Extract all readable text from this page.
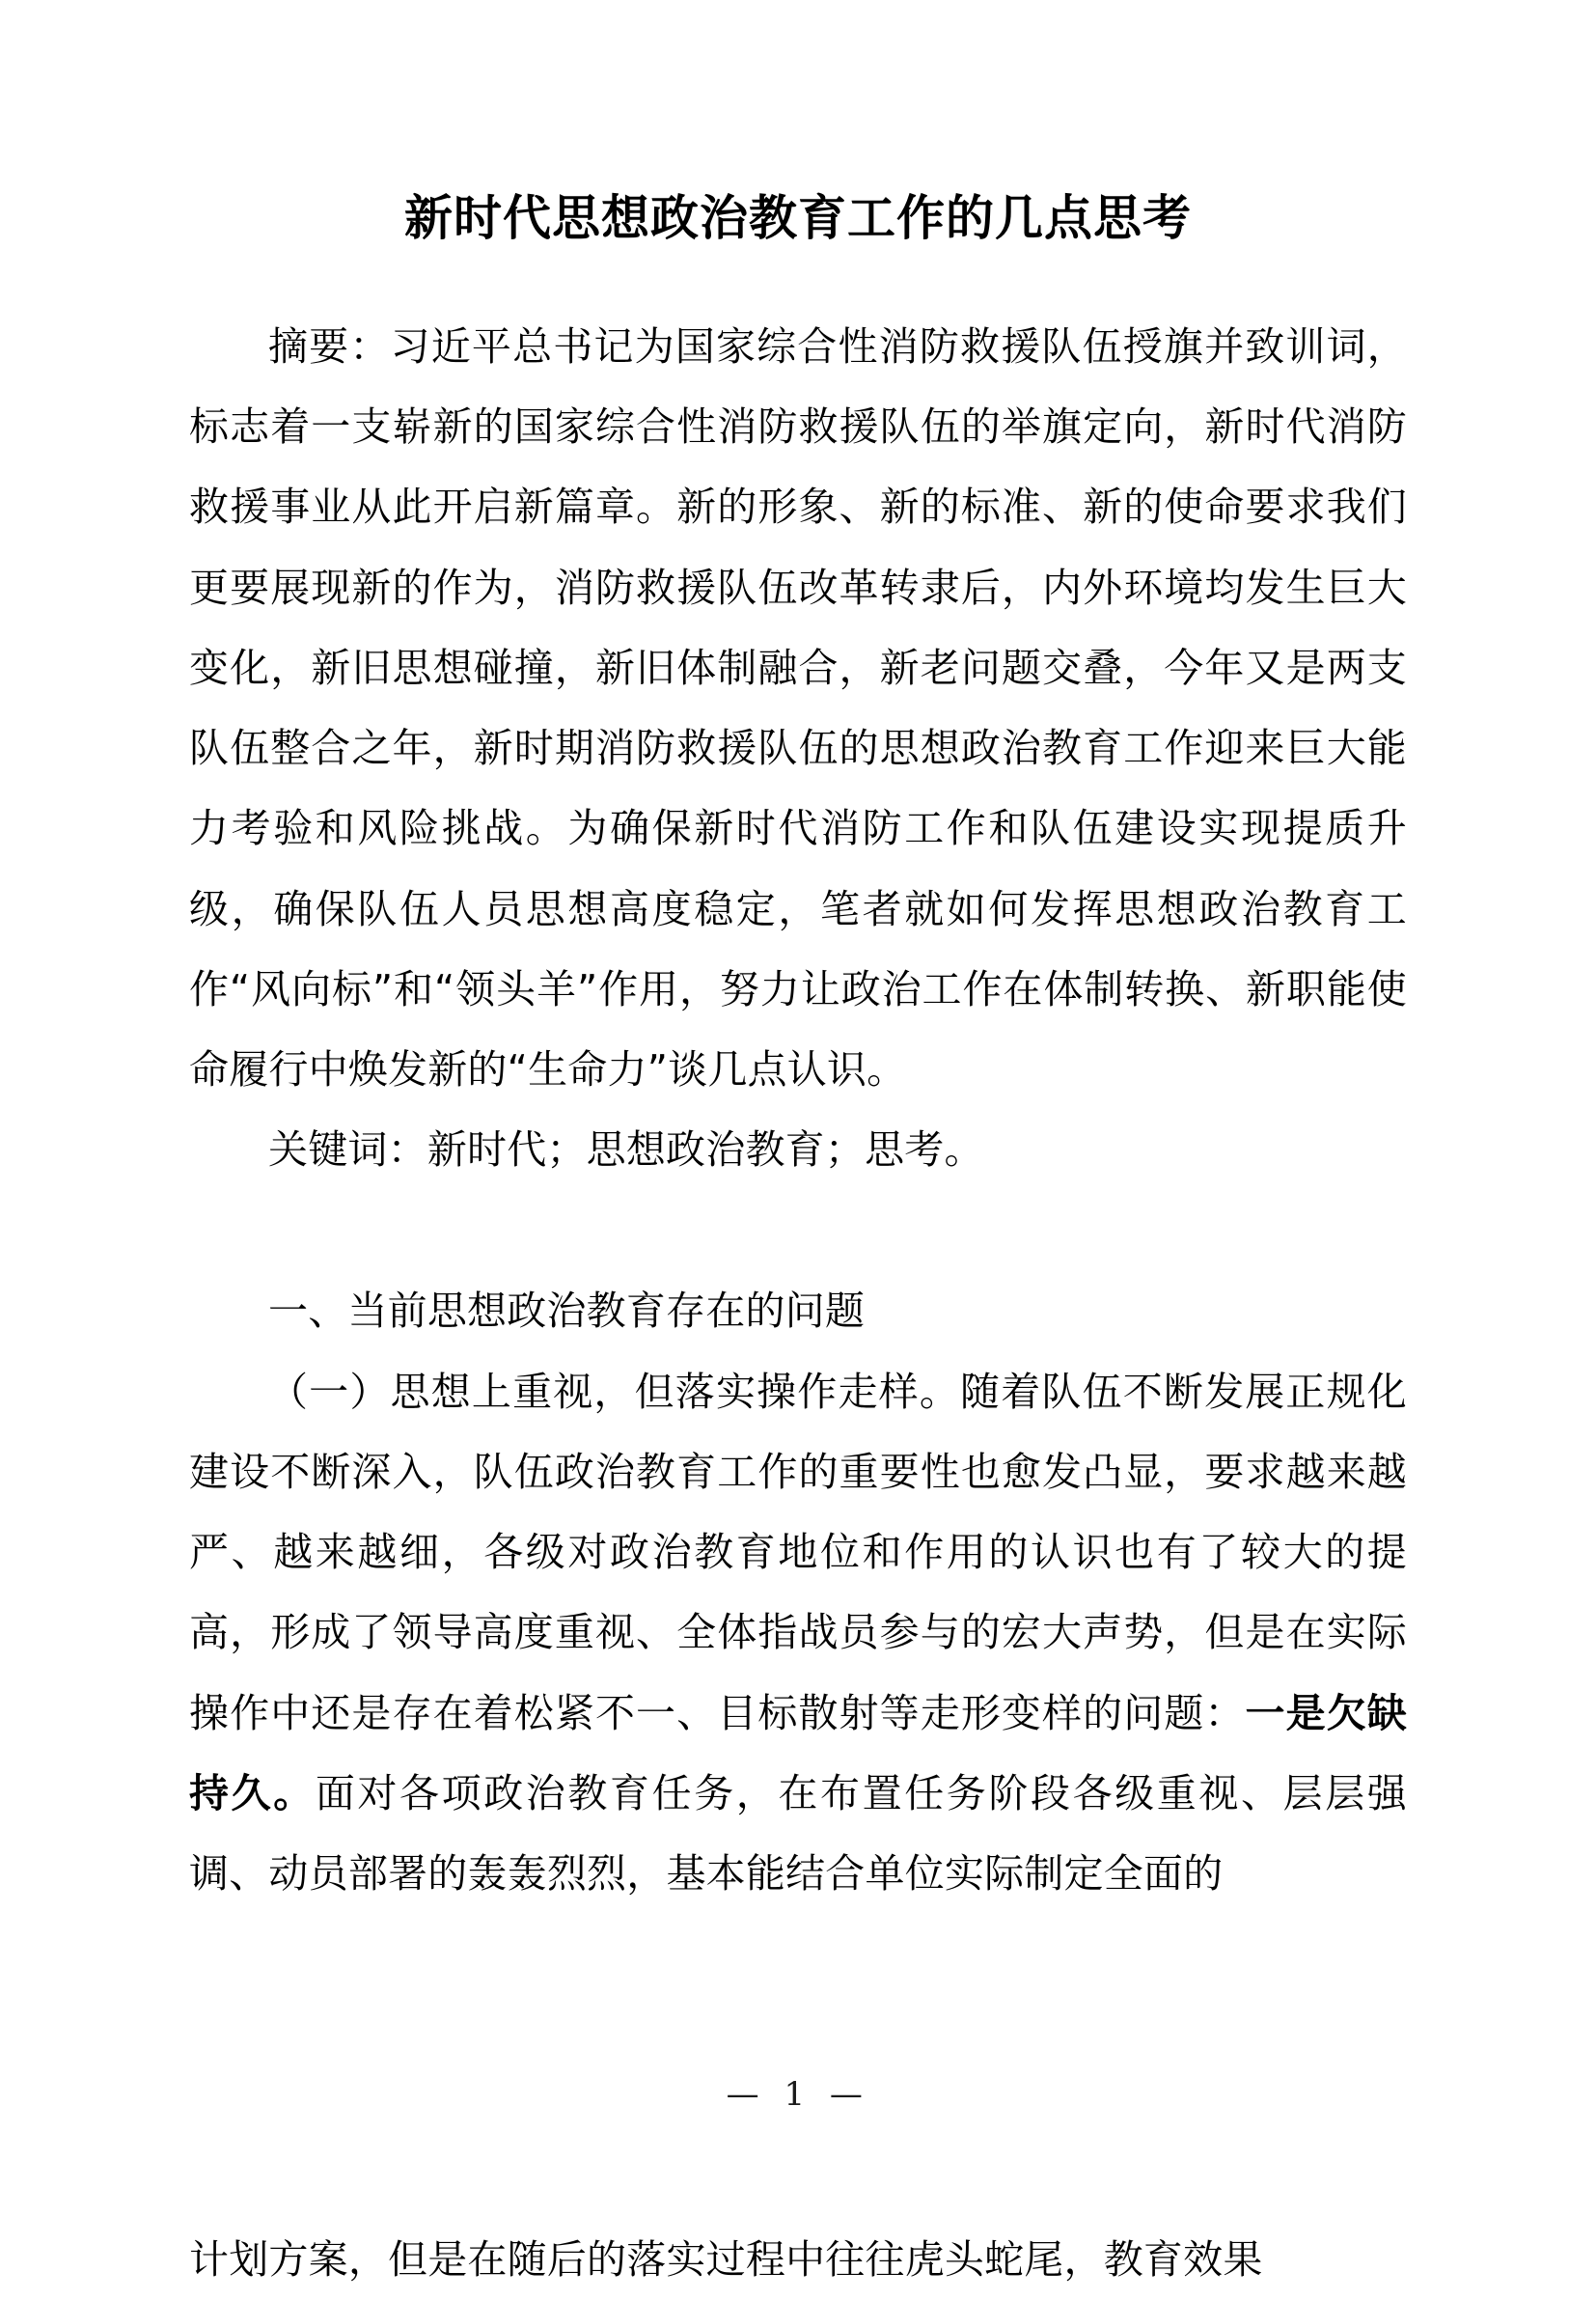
新时代思想政治教育工作的几点思考

摘要：习近平总书记为国家综合性消防救援队伍授旗并致训词，标志着一支崭新的国家综合性消防救援队伍的举旗定向，新时代消防救援事业从此开启新篇章。新的形象、新的标准、新的使命要求我们更要展现新的作为，消防救援队伍改革转隶后，内外环境均发生巨大变化，新旧思想碰撞，新旧体制融合，新老问题交叠，今年又是两支队伍整合之年，新时期消防救援队伍的思想政治教育工作迎来巨大能力考验和风险挑战。为确保新时代消防工作和队伍建设实现提质升级，确保队伍人员思想高度稳定，笔者就如何发挥思想政治教育工作“风向标”和“领头羊”作用，努力让政治工作在体制转换、新职能使命履行中焕发新的“生命力”谈几点认识。

关键词：新时代；思想政治教育；思考。

一、当前思想政治教育存在的问题

（一）思想上重视，但落实操作走样。随着队伍不断发展正规化建设不断深入，队伍政治教育工作的重要性也愈发凸显，要求越来越严、越来越细，各级对政治教育地位和作用的认识也有了较大的提高，形成了领导高度重视、全体指战员参与的宏大声势，但是在实际操作中还是存在着松紧不一、目标散射等走形变样的问题：一是欠缺持久。面对各项政治教育任务，在布置任务阶段各级重视、层层强调、动员部署的轰轰烈烈，基本能结合单位实际制定全面的

— 1 —
计划方案，但是在随后的落实过程中往往虎头蛇尾，教育效果
